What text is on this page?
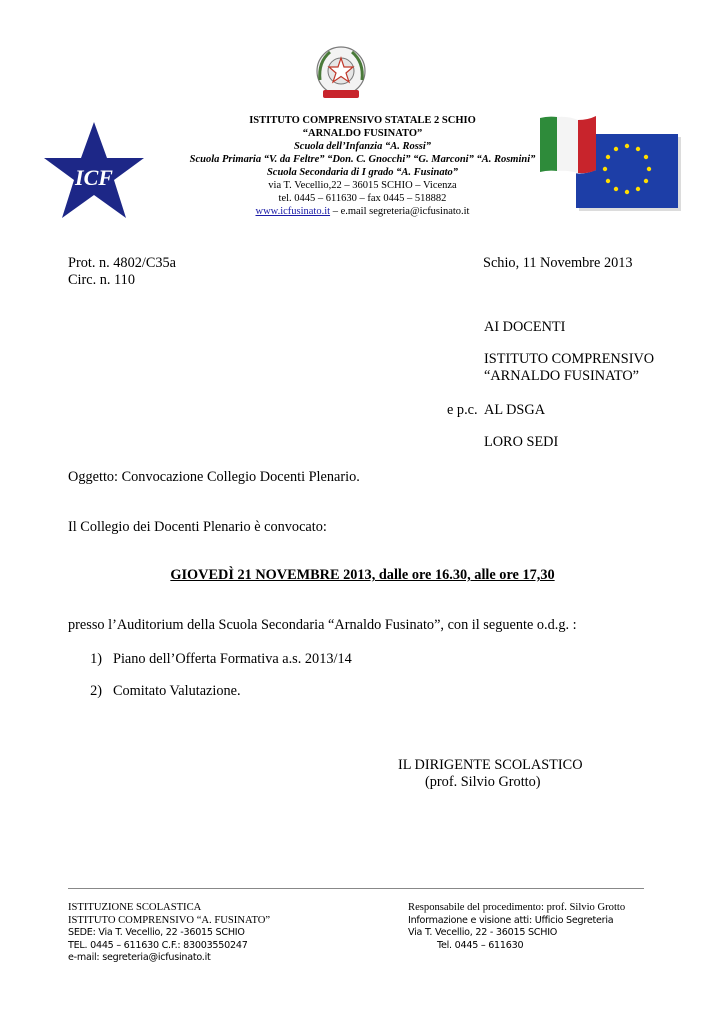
ISTITUTO COMPRENSIVO STATALE 2 SCHIO
“ARNALDO FUSINATO”
Scuola dell’Infanzia “A. Rossi”
Scuola Primaria “V. da Feltre” “Don. C. Gnocchi” “G. Marconi” “A. Rosmini”
Scuola Secondaria di I grado “A. Fusinato”
via T. Vecellio,22 – 36015 SCHIO – Vicenza
tel. 0445 – 611630 – fax 0445 – 518882
www.icfusinato.it – e.mail segreteria@icfusinato.it
ICF
Prot. n. 4802/C35a
Circ. n. 110
Schio, 11 Novembre 2013
AI DOCENTI
ISTITUTO COMPRENSIVO
“ARNALDO FUSINATO”
e p.c. AL DSGA
LORO SEDI
Oggetto: Convocazione Collegio Docenti Plenario.
Il Collegio dei Docenti Plenario è convocato:
GIOVEDÌ 21 NOVEMBRE 2013, dalle ore 16.30, alle ore 17,30
presso l’Auditorium della Scuola Secondaria “Arnaldo Fusinato”, con il seguente o.d.g. :
1) Piano dell’Offerta Formativa a.s. 2013/14
2) Comitato Valutazione.
IL DIRIGENTE SCOLASTICO
(prof. Silvio Grotto)
ISTITUZIONE SCOLASTICA
ISTITUTO COMPRENSIVO “A. FUSINATO”
SEDE: Via T. Vecellio, 22 -36015 SCHIO
TEL. 0445 – 611630 C.F.: 83003550247
e-mail: segreteria@icfusinato.it
Responsabile del procedimento: prof. Silvio Grotto
Informazione e visione atti: Ufficio Segreteria
Via T. Vecellio, 22 - 36015 SCHIO
Tel. 0445 – 611630
